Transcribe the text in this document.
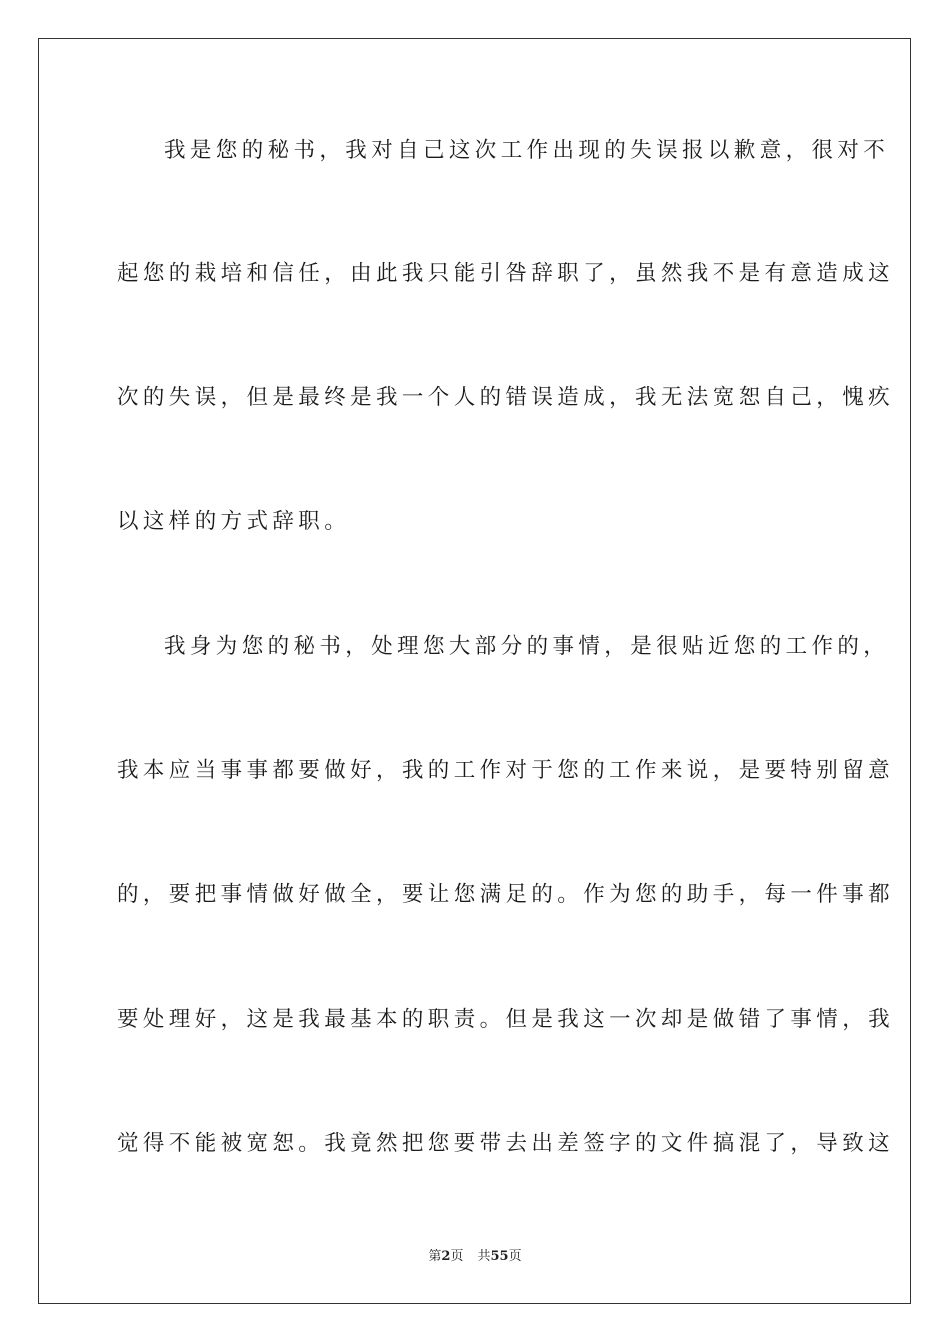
我是您的秘书，我对自己这次工作出现的失误报以歉意，很对不
起您的栽培和信任，由此我只能引咎辞职了，虽然我不是有意造成这
次的失误，但是最终是我一个人的错误造成，我无法宽恕自己，愧疚
以这样的方式辞职。
我身为您的秘书，处理您大部分的事情，是很贴近您的工作的，
我本应当事事都要做好，我的工作对于您的工作来说，是要特别留意
的，要把事情做好做全，要让您满足的。作为您的助手，每一件事都
要处理好，这是我最基本的职责。但是我这一次却是做错了事情，我
觉得不能被宽恕。我竟然把您要带去出差签字的文件搞混了，导致这
第2页 共55页
